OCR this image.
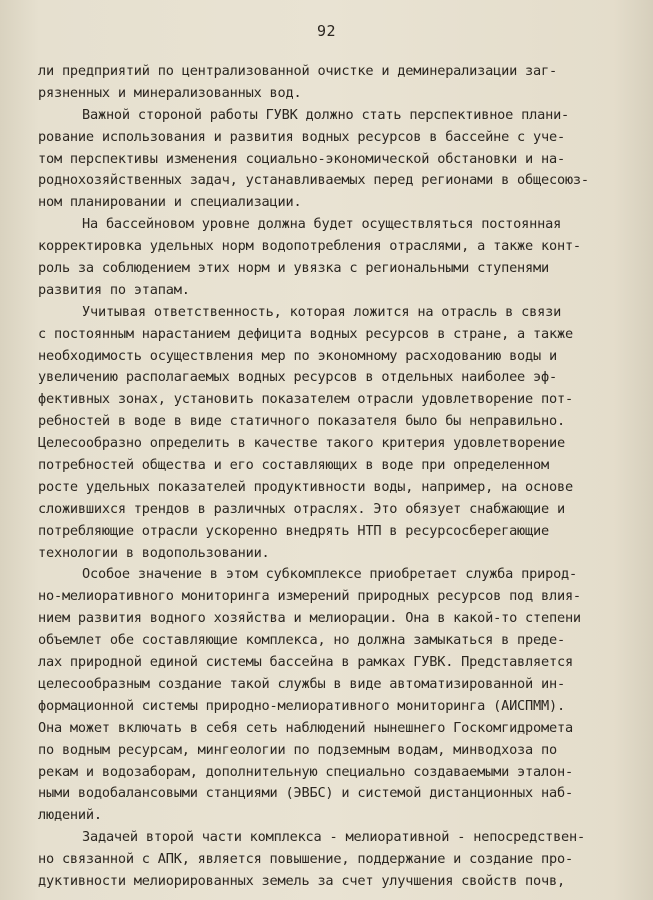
92
ли предприятий по централизованной очистке и деминерализации заг-
рязненных и минерализованных вод.
Важной стороной работы ГУВК должно стать перспективное плани-
рование использования и развития водных ресурсов в бассейне с уче-
том перспективы изменения социально-экономической обстановки и на-
роднохозяйственных задач, устанавливаемых перед регионами в общесоюз-
ном планировании и специализации.
На бассейновом уровне должна будет осуществляться постоянная
корректировка удельных норм водопотребления отраслями, а также конт-
роль за соблюдением этих норм и увязка с региональными ступенями
развития по этапам.
Учитывая ответственность, которая ложится на отрасль в связи
с постоянным нарастанием дефицита водных ресурсов в стране, а также
необходимость осуществления мер по экономному расходованию воды и
увеличению располагаемых водных ресурсов в отдельных наиболее эф-
фективных зонах, установить показателем отрасли удовлетворение пот-
ребностей в воде в виде статичного показателя было бы неправильно.
Целесообразно определить в качестве такого критерия удовлетворение
потребностей общества и его составляющих в воде при определенном
росте удельных показателей продуктивности воды, например, на основе
сложившихся трендов в различных отраслях. Это обязует снабжающие и
потребляющие отрасли ускоренно внедрять НТП в ресурсосберегающие
технологии в водопользовании.
Особое значение в этом субкомплексе приобретает служба природ-
но-мелиоративного мониторинга измерений природных ресурсов под влия-
нием развития водного хозяйства и мелиорации. Она в какой-то степени
объемлет обе составляющие комплекса, но должна замыкаться в преде-
лах природной единой системы бассейна в рамках ГУВК. Представляется
целесообразным создание такой службы в виде автоматизированной ин-
формационной системы природно-мелиоративного мониторинга (АИСПММ).
Она может включать в себя сеть наблюдений нынешнего Госкомгидромета
по водным ресурсам, мингеологии по подземным водам, минводхоза по
рекам и водозаборам, дополнительную специально создаваемыми эталон-
ными водобалансовыми станциями (ЭВБС) и системой дистанционных наб-
людений.
Задачей второй части комплекса - мелиоративной - непосредствен-
но связанной с АПК, является повышение, поддержание и создание про-
дуктивности мелиорированных земель за счет улучшения свойств почв,
